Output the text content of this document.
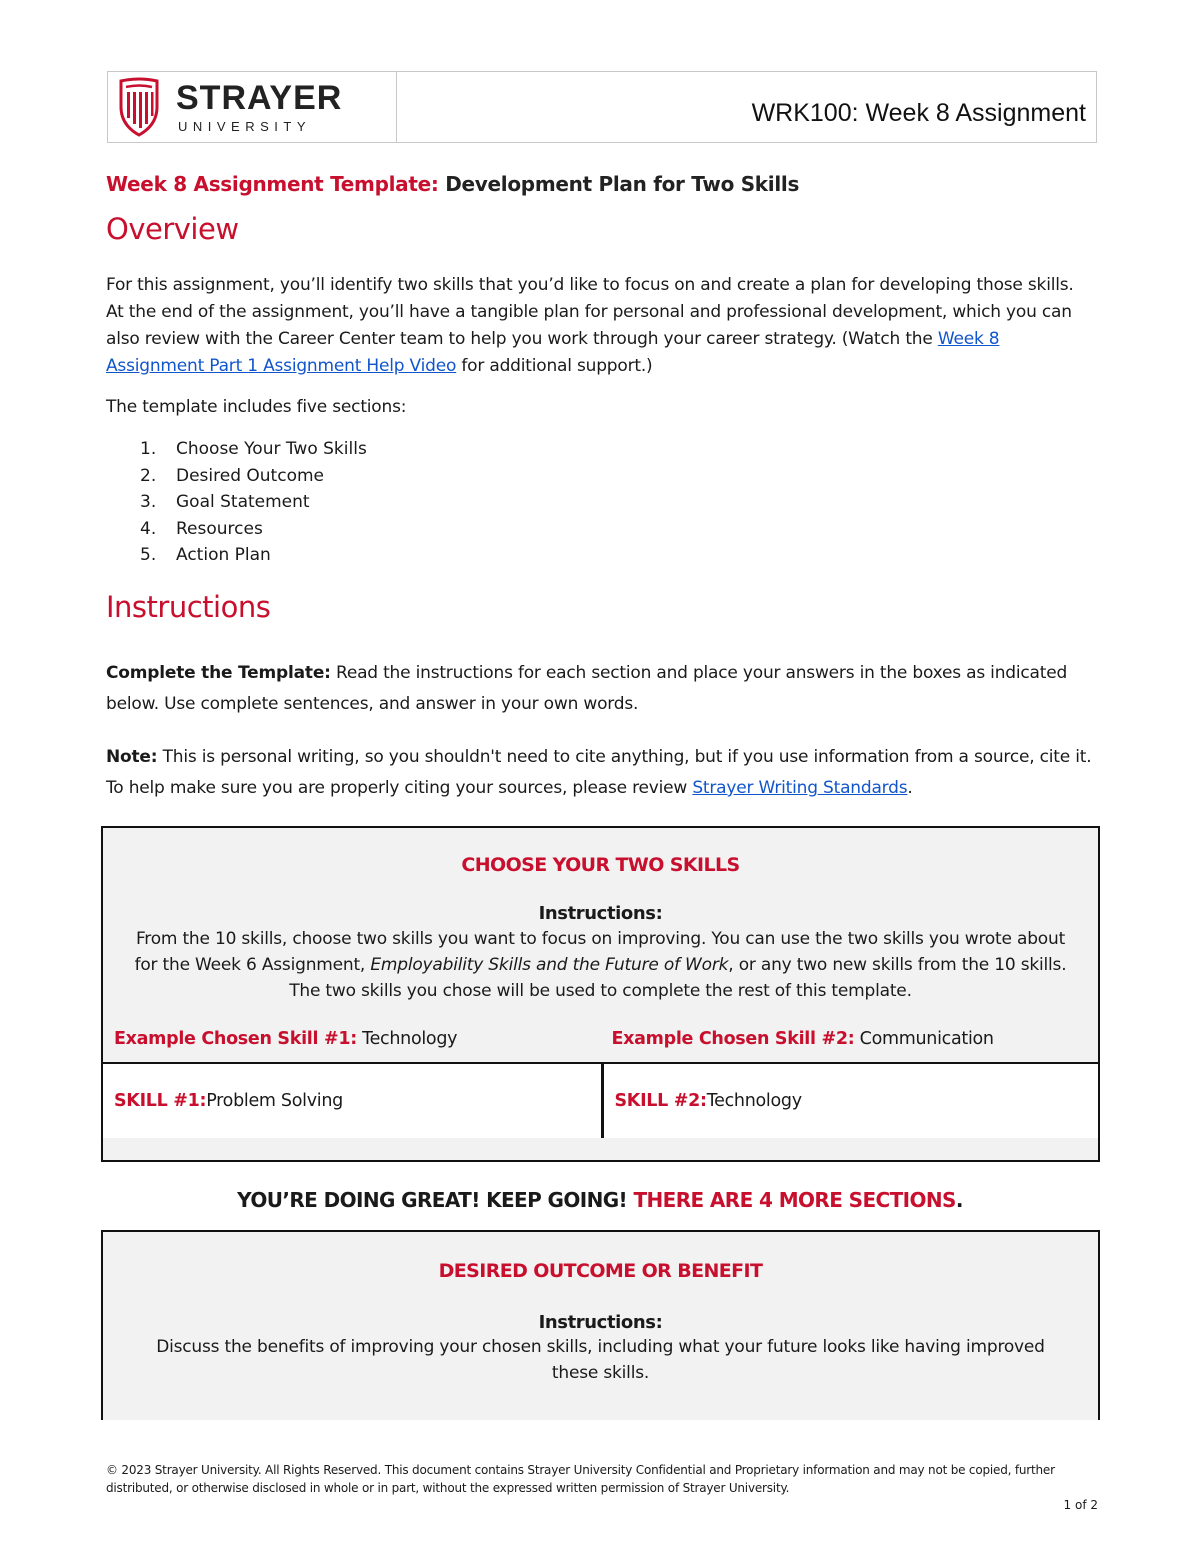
STRAYER
UNIVERSITY	WRK100: Week 8 Assignment
Week 8 Assignment Template: Development Plan for Two Skills
Overview

For this assignment, you’ll identify two skills that you’d like to focus on and create a plan for developing those skills. At the end of the assignment, you’ll have a tangible plan for personal and professional development, which you can also review with the Career Center team to help you work through your career strategy. (Watch the Week 8 Assignment Part 1 Assignment Help Video for additional support.)

The template includes five sections:

1.	Choose Your Two Skills
2.	Desired Outcome
3.	Goal Statement
4.	Resources
5.	Action Plan
Instructions

Complete the Template: Read the instructions for each section and place your answers in the boxes as indicated below. Use complete sentences, and answer in your own words.

Note: This is personal writing, so you shouldn't need to cite anything, but if you use information from a source, cite it. To help make sure you are properly citing your sources, please review Strayer Writing Standards.

CHOOSE YOUR TWO SKILLS
Instructions:
From the 10 skills, choose two skills you want to focus on improving. You can use the two skills you wrote about for the Week 6 Assignment, Employability Skills and the Future of Work, or any two new skills from the 10 skills. The two skills you chose will be used to complete the rest of this template.
Example Chosen Skill #1: Technology	Example Chosen Skill #2: Communication
SKILL #1: Problem Solving	SKILL #2: Technology
YOU’RE DOING GREAT! KEEP GOING! THERE ARE 4 MORE SECTIONS.
DESIRED OUTCOME OR BENEFIT
Instructions:
Discuss the benefits of improving your chosen skills, including what your future looks like having improved these skills.
© 2023 Strayer University. All Rights Reserved. This document contains Strayer University Confidential and Proprietary information and may not be copied, further distributed, or otherwise disclosed in whole or in part, without the expressed written permission of Strayer University.
1 of 2
